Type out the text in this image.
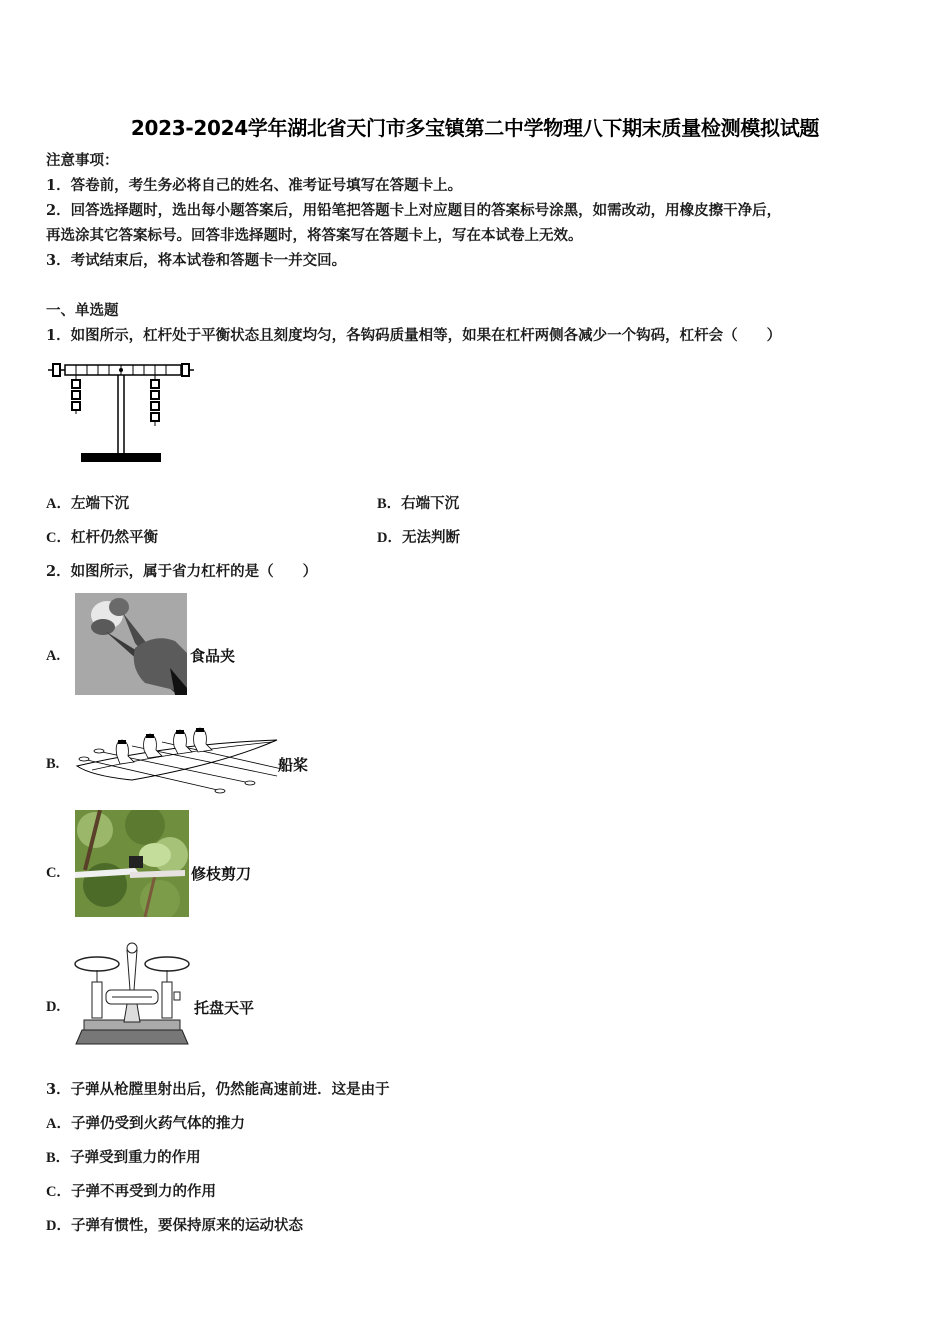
2023-2024学年湖北省天门市多宝镇第二中学物理八下期末质量检测模拟试题
注意事项：
1．答卷前，考生务必将自己的姓名、准考证号填写在答题卡上。
2．回答选择题时，选出每小题答案后，用铅笔把答题卡上对应题目的答案标号涂黑，如需改动，用橡皮擦干净后，
再选涂其它答案标号。回答非选择题时，将答案写在答题卡上，写在本试卷上无效。
3．考试结束后，将本试卷和答题卡一并交回。
一、单选题
1．如图所示，杠杆处于平衡状态且刻度均匀，各钩码质量相等，如果在杠杆两侧各减少一个钩码，杠杆会（　　）
A．左端下沉	B．右端下沉
C．杠杆仍然平衡	D．无法判断
2．如图所示，属于省力杠杆的是（　　）
A.	食品夹
B.	船桨
C.	修枝剪刀
D.	托盘天平
3．子弹从枪膛里射出后，仍然能高速前进．这是由于
A．子弹仍受到火药气体的推力
B．子弹受到重力的作用
C．子弹不再受到力的作用
D．子弹有惯性，要保持原来的运动状态
